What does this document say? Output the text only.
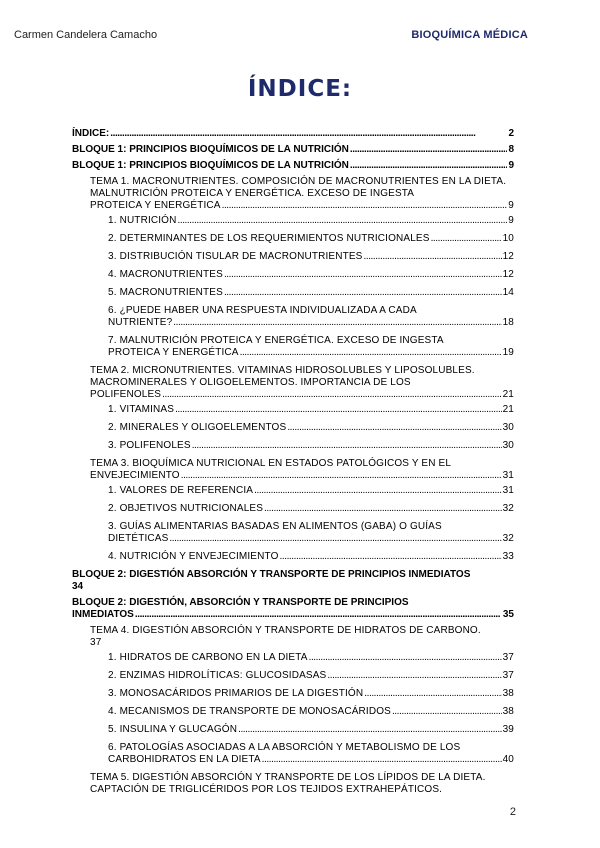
Carmen Candelera Camacho	BIOQUÍMICA MÉDICA
ÍNDICE:
ÍNDICE: . . .	2
BLOQUE 1: PRINCIPIOS BIOQUÍMICOS DE LA NUTRICIÓN . . .	8
BLOQUE 1: PRINCIPIOS BIOQUÍMICOS DE LA NUTRICIÓN . . .	9
TEMA 1. MACRONUTRIENTES. COMPOSICIÓN DE MACRONUTRIENTES EN LA DIETA. MALNUTRICIÓN PROTEICA Y ENERGÉTICA. EXCESO DE INGESTA
PROTEICA Y ENERGÉTICA . . .	9
1. NUTRICIÓN . . .	9
2. DETERMINANTES DE LOS REQUERIMIENTOS NUTRICIONALES . . .	10
3. DISTRIBUCIÓN TISULAR DE MACRONUTRIENTES . . .	12
4. MACRONUTRIENTES . . .	12
5. MACRONUTRIENTES . . .	14
6. ¿PUEDE HABER UNA RESPUESTA INDIVIDUALIZADA A CADA
NUTRIENTE? . . .	18
7. MALNUTRICIÓN PROTEICA Y ENERGÉTICA. EXCESO DE INGESTA
PROTEICA Y ENERGÉTICA . . .	19
TEMA 2. MICRONUTRIENTES. VITAMINAS HIDROSOLUBLES Y LIPOSOLUBLES. MACROMINERALES Y OLIGOELEMENTOS. IMPORTANCIA DE LOS
POLIFENOLES . . .	21
1. VITAMINAS . . .	21
2. MINERALES Y OLIGOELEMENTOS . . .	30
3. POLIFENOLES . . .	30
TEMA 3. BIOQUÍMICA NUTRICIONAL EN ESTADOS PATOLÓGICOS Y EN EL
ENVEJECIMIENTO . . .	31
1. VALORES DE REFERENCIA . . .	31
2. OBJETIVOS NUTRICIONALES . . .	32
3. GUÍAS ALIMENTARIAS BASADAS EN ALIMENTOS (GABA) O GUÍAS
DIETÉTICAS . . .	32
4. NUTRICIÓN Y ENVEJECIMIENTO . . .	33
BLOQUE 2: DIGESTIÓN ABSORCIÓN Y TRANSPORTE DE PRINCIPIOS INMEDIATOS
34
BLOQUE 2: DIGESTIÓN, ABSORCIÓN Y TRANSPORTE DE PRINCIPIOS
INMEDIATOS . . .	35
TEMA 4. DIGESTIÓN ABSORCIÓN Y TRANSPORTE DE HIDRATOS DE CARBONO.
37
1. HIDRATOS DE CARBONO EN LA DIETA . . .	37
2. ENZIMAS HIDROLÍTICAS: GLUCOSIDASAS . . .	37
3. MONOSACÁRIDOS PRIMARIOS DE LA DIGESTIÓN . . .	38
4. MECANISMOS DE TRANSPORTE DE MONOSACÁRIDOS . . .	38
5. INSULINA Y GLUCAGÓN . . .	39
6. PATOLOGÍAS ASOCIADAS A LA ABSORCIÓN Y METABOLISMO DE LOS
CARBOHIDRATOS EN LA DIETA . . .	40
TEMA 5. DIGESTIÓN ABSORCIÓN Y TRANSPORTE DE LOS LÍPIDOS DE LA DIETA. CAPTACIÓN DE TRIGLICÉRIDOS POR LOS TEJIDOS EXTRAHEPÁTICOS.
2
